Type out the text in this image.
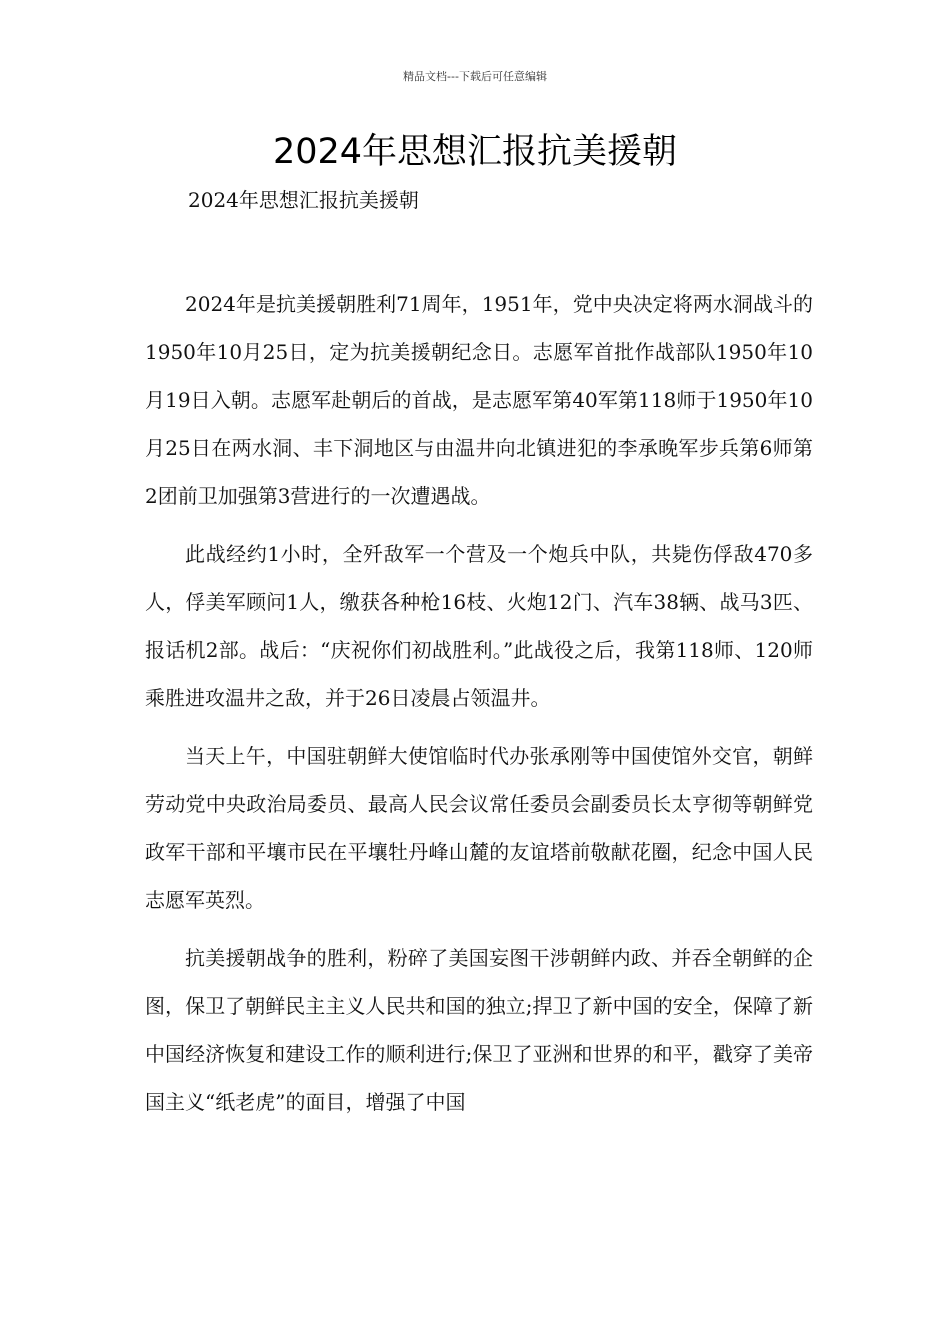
精品文档---下载后可任意编辑
2024年思想汇报抗美援朝

2024年思想汇报抗美援朝

2024年是抗美援朝胜利71周年，1951年，党中央决定将两水洞战斗的1950年10月25日，定为抗美援朝纪念日。志愿军首批作战部队1950年10月19日入朝。志愿军赴朝后的首战，是志愿军第40军第118师于1950年10月25日在两水洞、丰下洞地区与由温井向北镇进犯的李承晚军步兵第6师第2团前卫加强第3营进行的一次遭遇战。

此战经约1小时，全歼敌军一个营及一个炮兵中队，共毙伤俘敌470多人，俘美军顾问1人，缴获各种枪16枝、火炮12门、汽车38辆、战马3匹、报话机2部。战后：“庆祝你们初战胜利。”此战役之后，我第118师、120师乘胜进攻温井之敌，并于26日凌晨占领温井。

当天上午，中国驻朝鲜大使馆临时代办张承刚等中国使馆外交官，朝鲜劳动党中央政治局委员、最高人民会议常任委员会副委员长太亨彻等朝鲜党政军干部和平壤市民在平壤牡丹峰山麓的友谊塔前敬献花圈，纪念中国人民志愿军英烈。

抗美援朝战争的胜利，粉碎了美国妄图干涉朝鲜内政、并吞全朝鲜的企图，保卫了朝鲜民主主义人民共和国的独立;捍卫了新中国的安全，保障了新中国经济恢复和建设工作的顺利进行;保卫了亚洲和世界的和平，戳穿了美帝国主义“纸老虎”的面目，增强了中国
